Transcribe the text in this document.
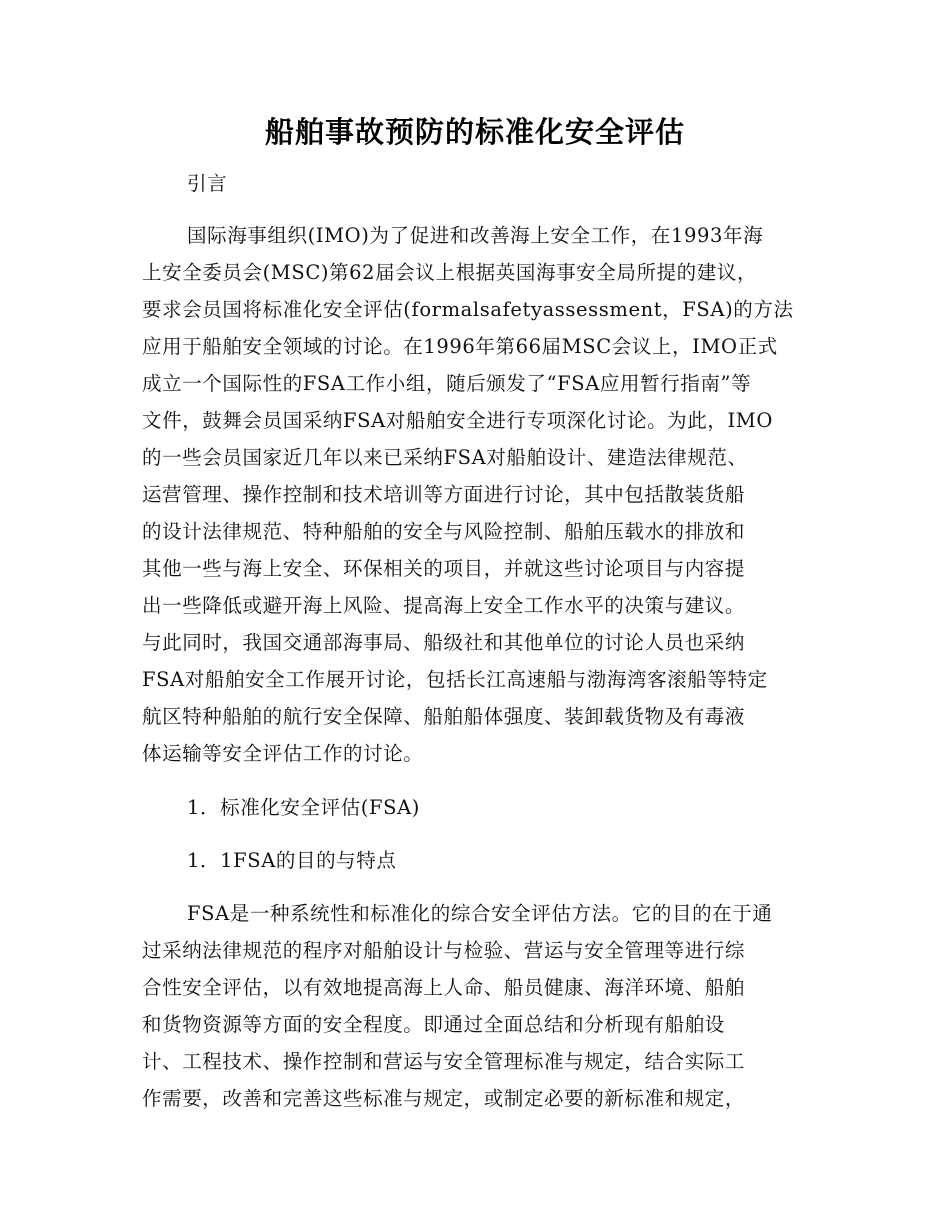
船舶事故预防的标准化安全评估
引言
国际海事组织(IMO)为了促进和改善海上安全工作，在1993年海
上安全委员会(MSC)第62届会议上根据英国海事安全局所提的建议，
要求会员国将标准化安全评估(formalsafetyassessment，FSA)的方法
应用于船舶安全领域的讨论。在1996年第66届MSC会议上，IMO正式
成立一个国际性的FSA工作小组，随后颁发了“FSA应用暂行指南”等
文件，鼓舞会员国采纳FSA对船舶安全进行专项深化讨论。为此，IMO
的一些会员国家近几年以来已采纳FSA对船舶设计、建造法律规范、
运营管理、操作控制和技术培训等方面进行讨论，其中包括散装货船
的设计法律规范、特种船舶的安全与风险控制、船舶压载水的排放和
其他一些与海上安全、环保相关的项目，并就这些讨论项目与内容提
出一些降低或避开海上风险、提高海上安全工作水平的决策与建议。
与此同时，我国交通部海事局、船级社和其他单位的讨论人员也采纳
FSA对船舶安全工作展开讨论，包括长江高速船与渤海湾客滚船等特定
航区特种船舶的航行安全保障、船舶船体强度、装卸载货物及有毒液
体运输等安全评估工作的讨论。
1．标准化安全评估(FSA)
1．1FSA的目的与特点
FSA是一种系统性和标准化的综合安全评估方法。它的目的在于通
过采纳法律规范的程序对船舶设计与检验、营运与安全管理等进行综
合性安全评估，以有效地提高海上人命、船员健康、海洋环境、船舶
和货物资源等方面的安全程度。即通过全面总结和分析现有船舶设
计、工程技术、操作控制和营运与安全管理标准与规定，结合实际工
作需要，改善和完善这些标准与规定，或制定必要的新标准和规定，
